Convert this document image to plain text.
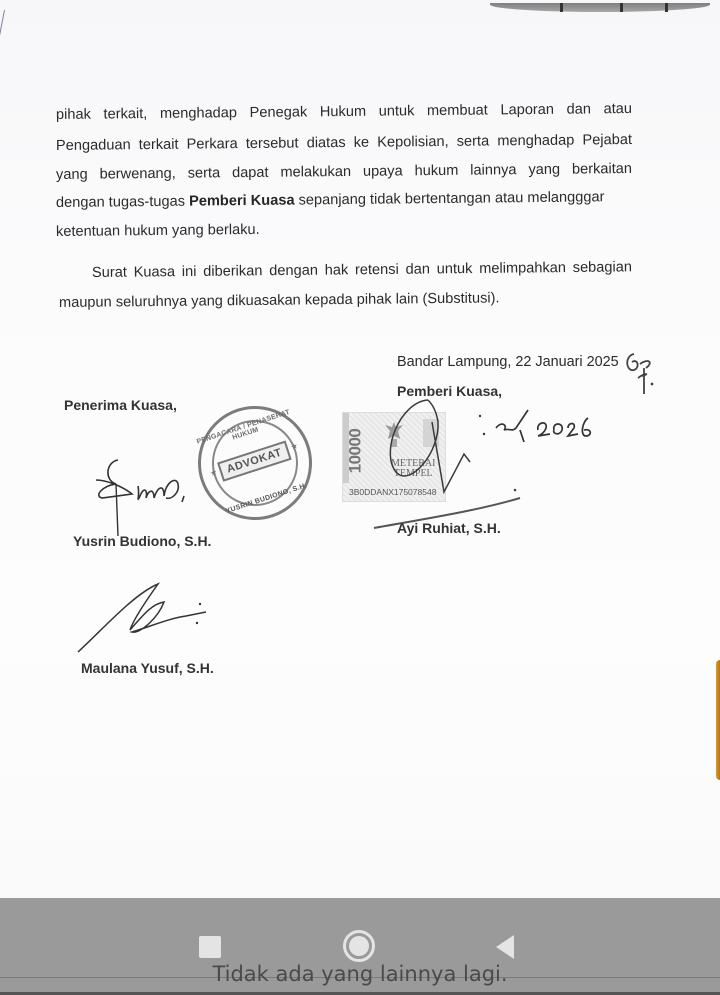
pihak terkait, menghadap Penegak Hukum untuk membuat Laporan dan atau
Pengaduan terkait Perkara tersebut diatas ke Kepolisian, serta menghadap Pejabat
yang berwenang, serta dapat melakukan upaya hukum lainnya yang berkaitan
dengan tugas-tugas Pemberi Kuasa sepanjang tidak bertentangan atau melangggar
ketentuan hukum yang berlaku.
Surat Kuasa ini diberikan dengan hak retensi dan untuk melimpahkan sebagian
maupun seluruhnya yang dikuasakan kepada pihak lain (Substitusi).
Bandar Lampung, 22 Januari 2025
Pemberi Kuasa,
Penerima Kuasa,
PENGACARA / PENASEHAT HUKUM
★
★
ADVOKAT
YUSRIN BUDIONO, S.H.
10000	METERAI
TEMPEL
3B0DDANX175078548
Yusrin Budiono, S.H.
Ayi Ruhiat, S.H.
Maulana Yusuf, S.H.
Tidak ada yang lainnya lagi.
